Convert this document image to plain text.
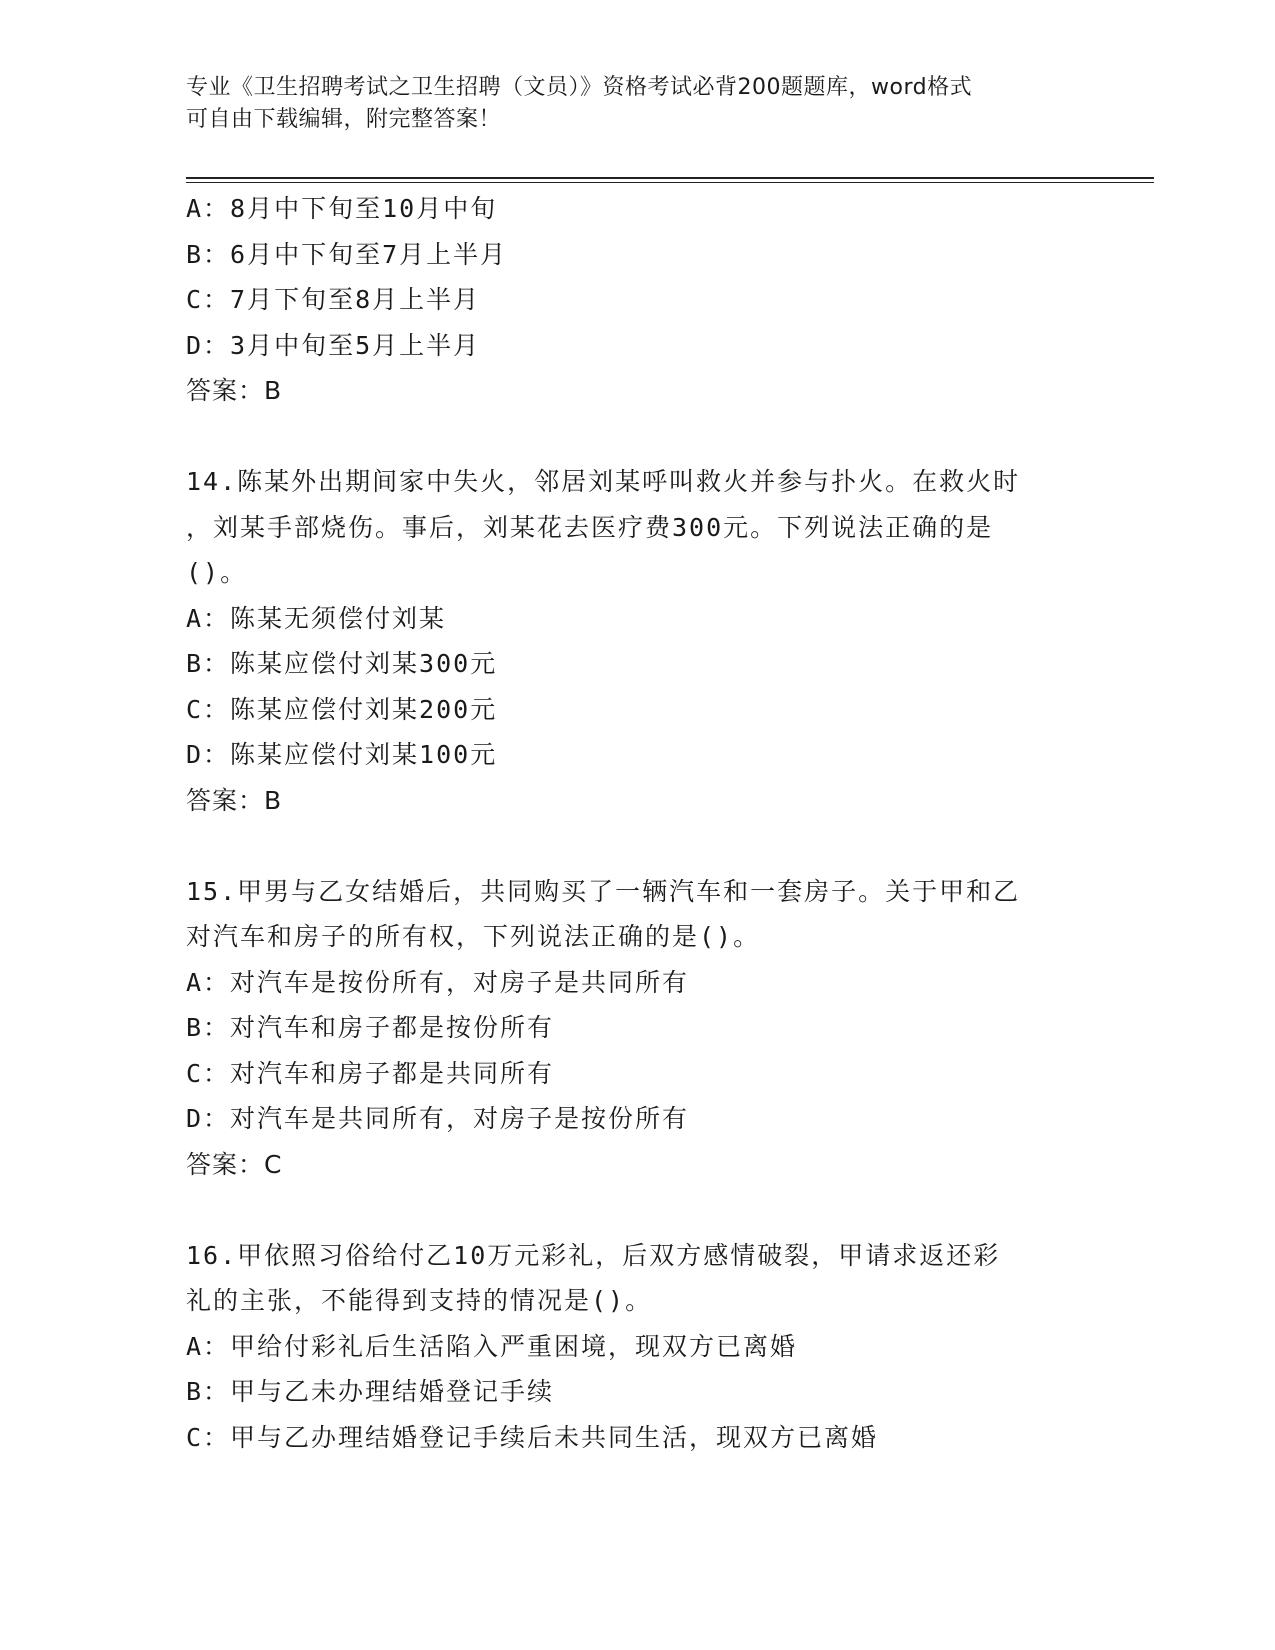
专业《卫生招聘考试之卫生招聘（文员）》资格考试必背200题题库，word格式
可自由下载编辑，附完整答案！
A：8月中下旬至10月中旬
B：6月中下旬至7月上半月
C：7月下旬至8月上半月
D：3月中旬至5月上半月
答案：B
14.陈某外出期间家中失火，邻居刘某呼叫救火并参与扑火。在救火时
，刘某手部烧伤。事后，刘某花去医疗费300元。下列说法正确的是
()。
A：陈某无须偿付刘某
B：陈某应偿付刘某300元
C：陈某应偿付刘某200元
D：陈某应偿付刘某100元
答案：B
15.甲男与乙女结婚后，共同购买了一辆汽车和一套房子。关于甲和乙
对汽车和房子的所有权，下列说法正确的是()。
A：对汽车是按份所有，对房子是共同所有
B：对汽车和房子都是按份所有
C：对汽车和房子都是共同所有
D：对汽车是共同所有，对房子是按份所有
答案：C
16.甲依照习俗给付乙10万元彩礼，后双方感情破裂，甲请求返还彩
礼的主张，不能得到支持的情况是()。
A：甲给付彩礼后生活陷入严重困境，现双方已离婚
B：甲与乙未办理结婚登记手续
C：甲与乙办理结婚登记手续后未共同生活，现双方已离婚
